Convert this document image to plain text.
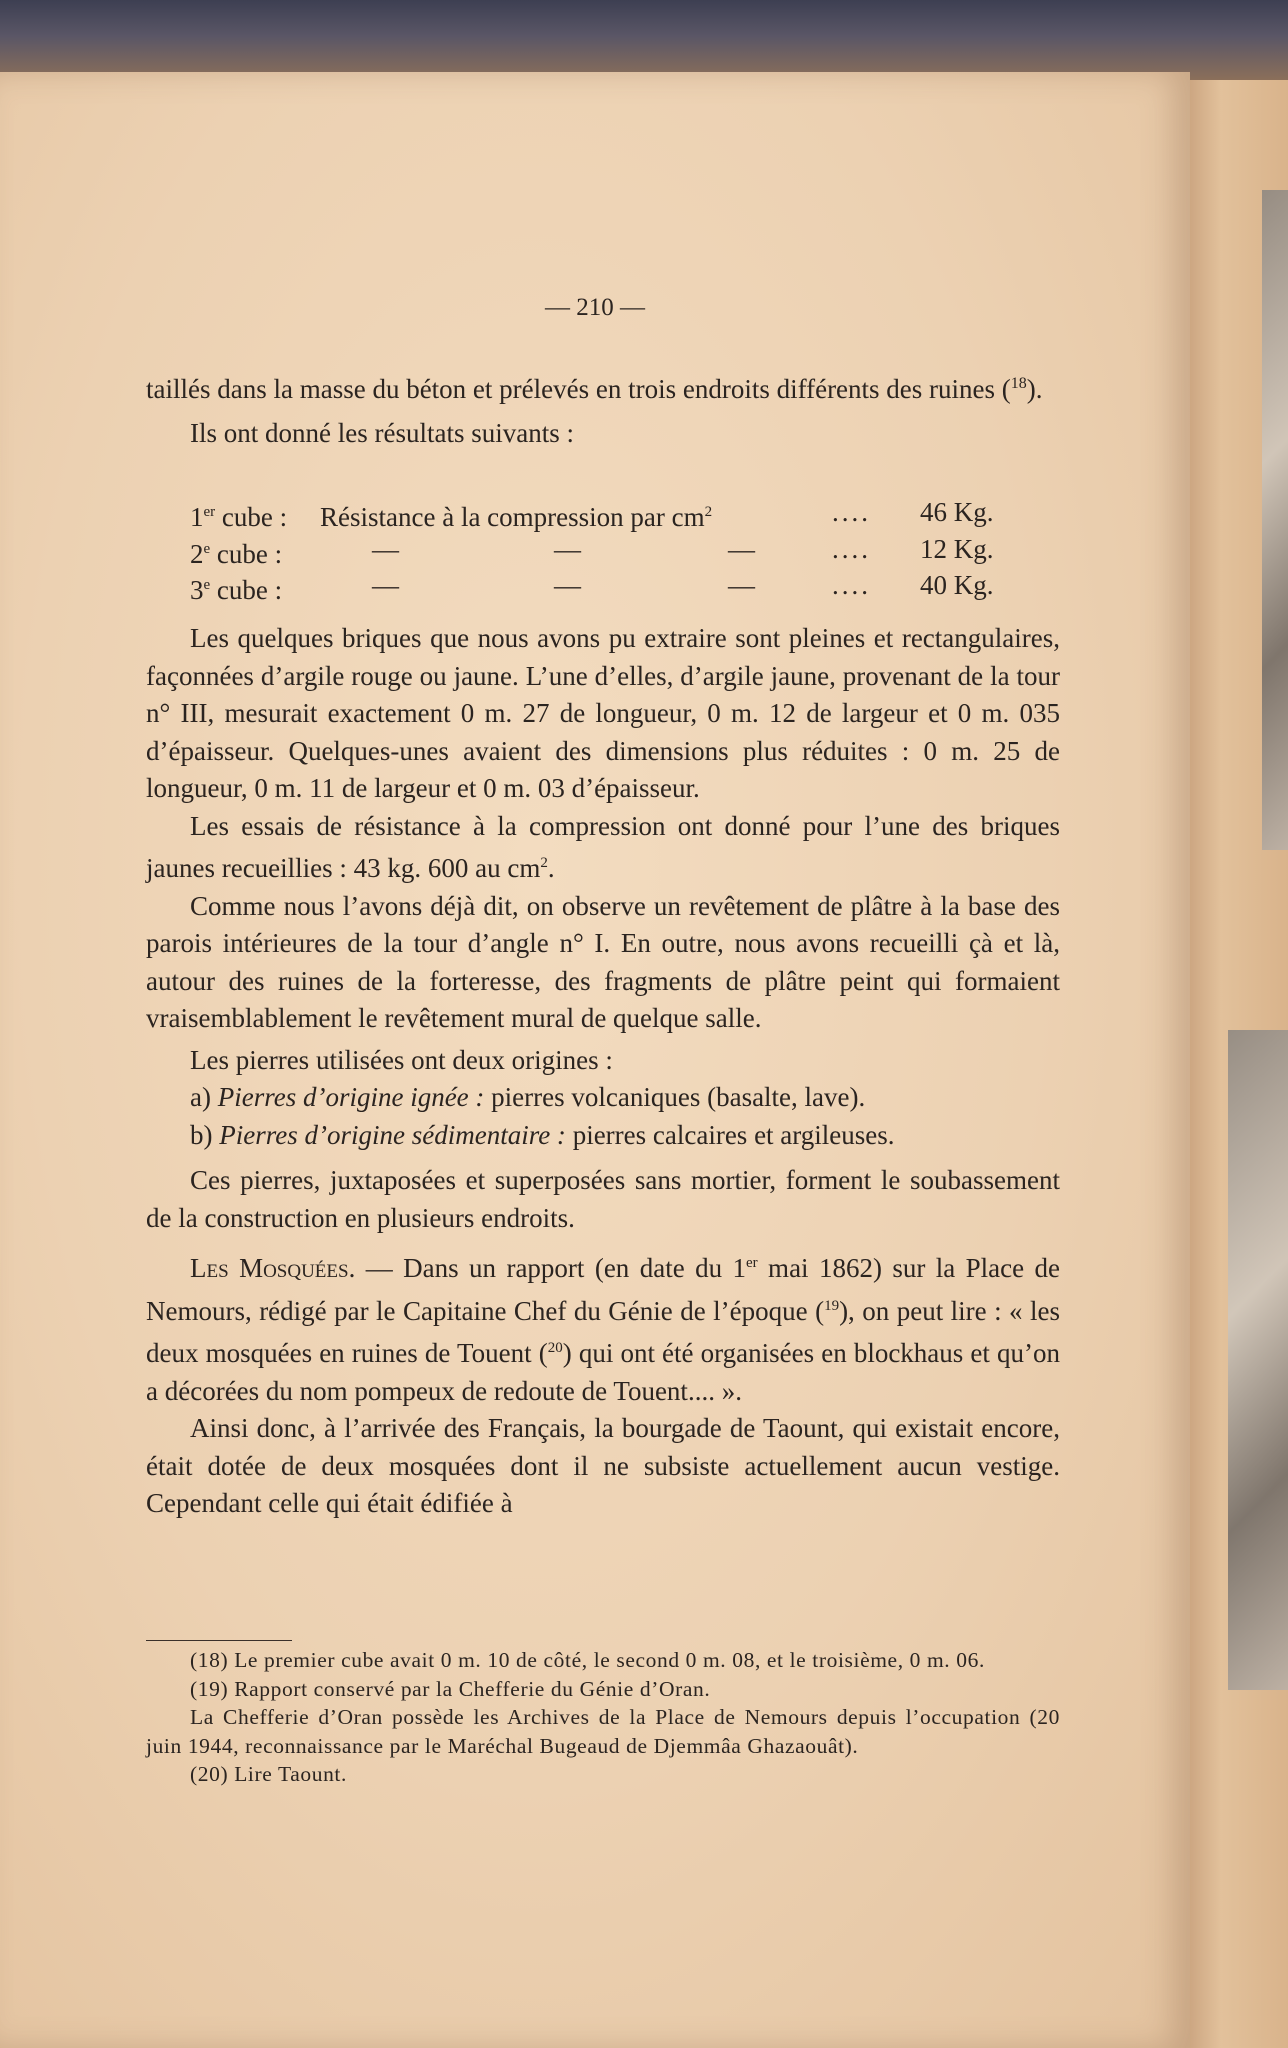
— 210 —

taillés dans la masse du béton et prélevés en trois endroits différents des ruines ($^{18}$).

Ils ont donné les résultats suivants :

1er cube : Résistance à la compression par $cm^2$	.... 46 Kg.
2e cube :	—	—	—	.... 12 Kg.
3e cube :	—	—	—	.... 40 Kg.

Les quelques briques que nous avons pu extraire sont pleines et rectangulaires, façonnées d’argile rouge ou jaune. L’une d’elles, d’argile jaune, provenant de la tour n° III, mesurait exactement 0 m. 27 de longueur, 0 m. 12 de largeur et 0 m. 035 d’épaisseur. Quelques-unes avaient des dimensions plus réduites : 0 m. 25 de longueur, 0 m. 11 de largeur et 0 m. 03 d’épaisseur.

Les essais de résistance à la compression ont donné pour l’une des briques jaunes recueillies : 43 kg. 600 au $cm^2$.

Comme nous l’avons déjà dit, on observe un revêtement de plâtre à la base des parois intérieures de la tour d’angle n° I. En outre, nous avons recueilli çà et là, autour des ruines de la forteresse, des fragments de plâtre peint qui formaient vraisemblablement le revêtement mural de quelque salle.

Les pierres utilisées ont deux origines :

a) Pierres d’origine ignée : pierres volcaniques (basalte, lave).

b) Pierres d’origine sédimentaire : pierres calcaires et argileuses.

Ces pierres, juxtaposées et superposées sans mortier, forment le soubassement de la construction en plusieurs endroits.

Les Mosquées. — Dans un rapport (en date du 1er mai 1862) sur la Place de Nemours, rédigé par le Capitaine Chef du Génie de l’époque ($^{19}$), on peut lire : « les deux mosquées en ruines de Touent ($^{20}$) qui ont été organisées en blockhaus et qu’on a décorées du nom pompeux de redoute de Touent.... ».

Ainsi donc, à l’arrivée des Français, la bourgade de Taount, qui existait encore, était dotée de deux mosquées dont il ne subsiste actuellement aucun vestige. Cependant celle qui était édifiée à

(18) Le premier cube avait 0 m. 10 de côté, le second 0 m. 08, et le troisième, 0 m. 06.

(19) Rapport conservé par la Chefferie du Génie d’Oran.

La Chefferie d’Oran possède les Archives de la Place de Nemours depuis l’occupation (20 juin 1944, reconnaissance par le Maréchal Bugeaud de Djemmâa Ghazaouât).

(20) Lire Taount.
